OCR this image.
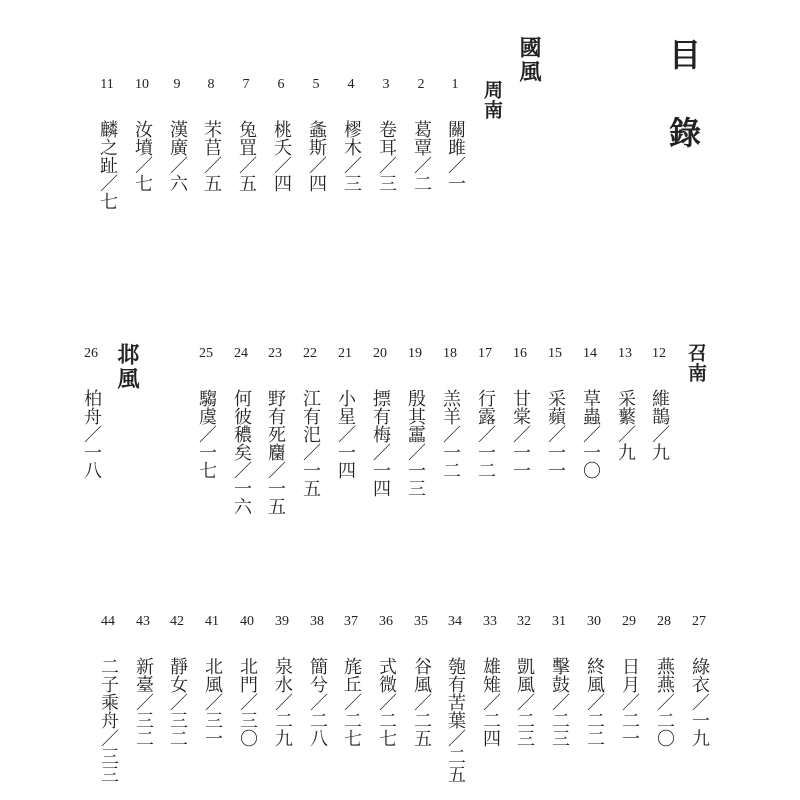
目錄
國風
周南
召南
邶風
1
關雎／一
2
葛覃／二
3
卷耳／三
4
樛木／三
5
螽斯／四
6
桃夭／四
7
兔罝／五
8
芣苢／五
9
漢廣／六
10
汝墳／七
11
麟之趾／七
12
維鵲／九
13
采蘩／九
14
草蟲／一〇
15
采蘋／一一
16
甘棠／一一
17
行露／一二
18
羔羊／一二
19
殷其靁／一三
20
摽有梅／一四
21
小星／一四
22
江有汜／一五
23
野有死麕／一五
24
何彼穠矣／一六
25
騶虞／一七
26
柏舟／一八
27
綠衣／一九
28
燕燕／二〇
29
日月／二一
30
終風／二二
31
擊鼓／二三
32
凱風／二三
33
雄雉／二四
34
匏有苦葉／二五
35
谷風／二五
36
式微／二七
37
旄丘／二七
38
簡兮／二八
39
泉水／二九
40
北門／三〇
41
北風／三一
42
靜女／三二
43
新臺／三二
44
二子乘舟／三三
